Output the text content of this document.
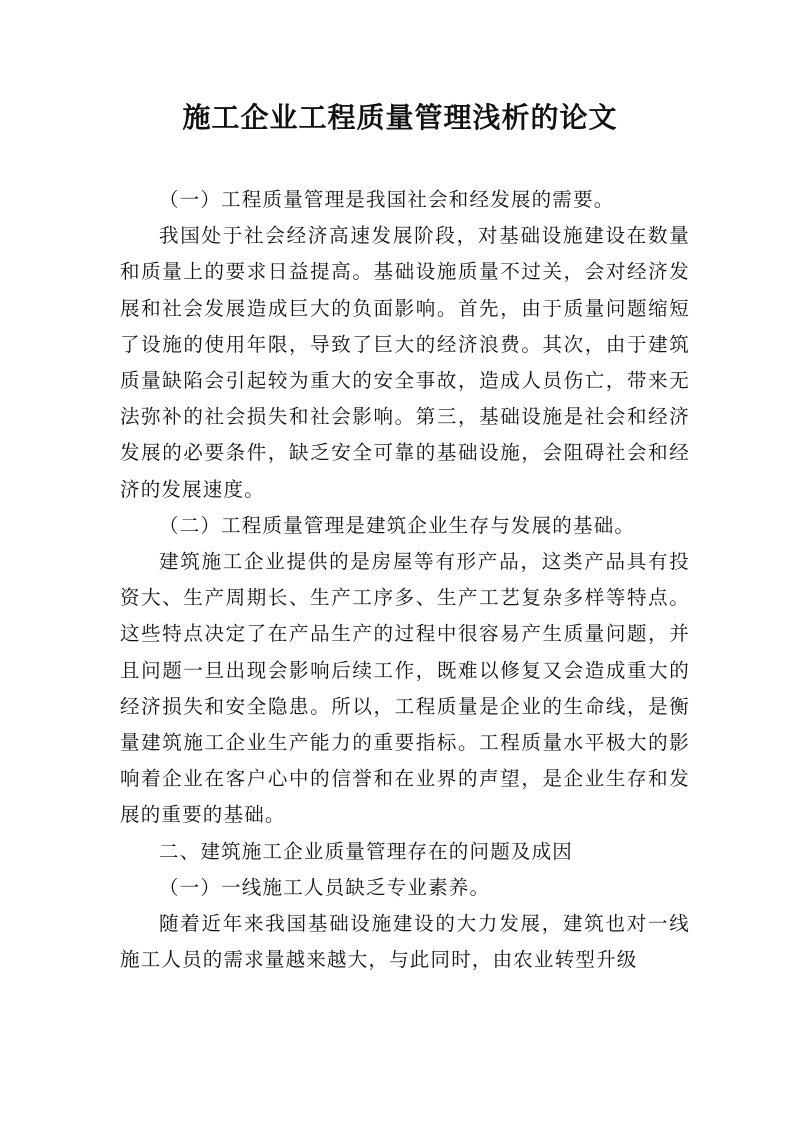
施工企业工程质量管理浅析的论文

（一）工程质量管理是我国社会和经发展的需要。

我国处于社会经济高速发展阶段，对基础设施建设在数量和质量上的要求日益提高。基础设施质量不过关，会对经济发展和社会发展造成巨大的负面影响。首先，由于质量问题缩短了设施的使用年限，导致了巨大的经济浪费。其次，由于建筑质量缺陷会引起较为重大的安全事故，造成人员伤亡，带来无法弥补的社会损失和社会影响。第三，基础设施是社会和经济发展的必要条件，缺乏安全可靠的基础设施，会阻碍社会和经济的发展速度。

（二）工程质量管理是建筑企业生存与发展的基础。

建筑施工企业提供的是房屋等有形产品，这类产品具有投资大、生产周期长、生产工序多、生产工艺复杂多样等特点。这些特点决定了在产品生产的过程中很容易产生质量问题，并且问题一旦出现会影响后续工作，既难以修复又会造成重大的经济损失和安全隐患。所以，工程质量是企业的生命线，是衡量建筑施工企业生产能力的重要指标。工程质量水平极大的影响着企业在客户心中的信誉和在业界的声望，是企业生存和发展的重要的基础。

二、建筑施工企业质量管理存在的问题及成因

（一）一线施工人员缺乏专业素养。

随着近年来我国基础设施建设的大力发展，建筑也对一线施工人员的需求量越来越大，与此同时，由农业转型升级
